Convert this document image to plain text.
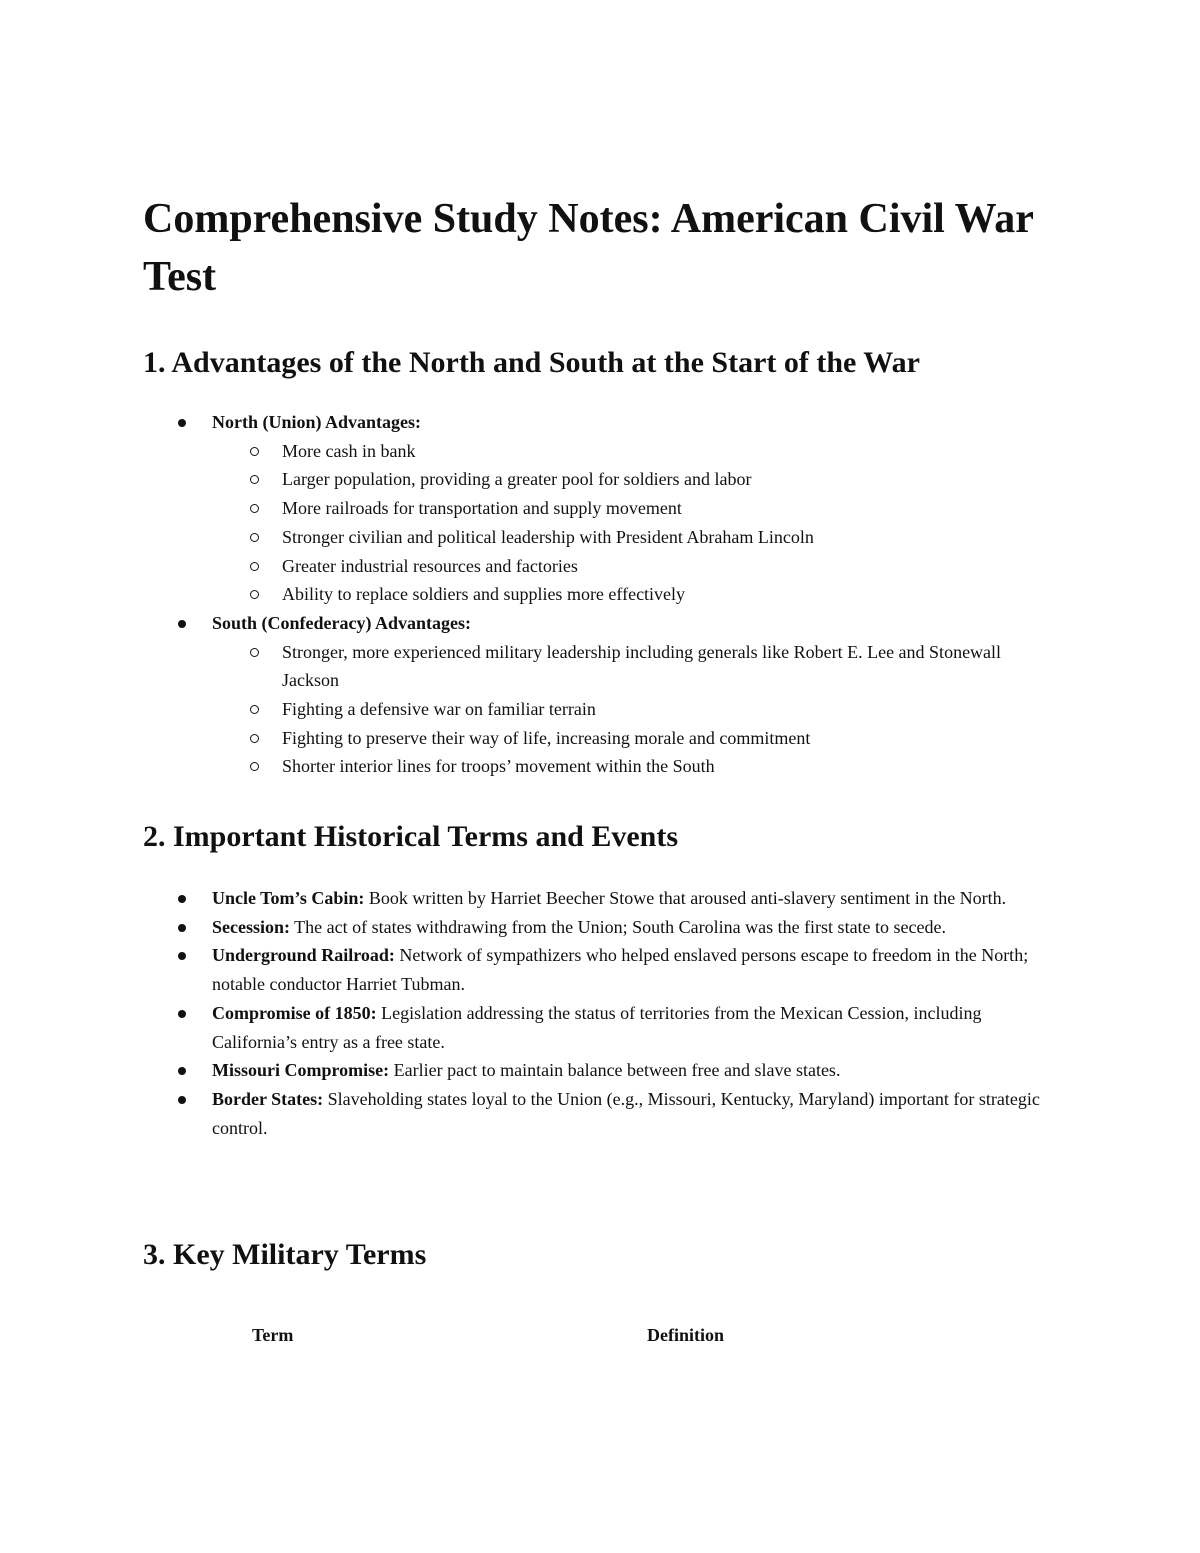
Comprehensive Study Notes: American Civil War Test
1. Advantages of the North and South at the Start of the War
North (Union) Advantages:
More cash in bank
Larger population, providing a greater pool for soldiers and labor
More railroads for transportation and supply movement
Stronger civilian and political leadership with President Abraham Lincoln
Greater industrial resources and factories
Ability to replace soldiers and supplies more effectively
South (Confederacy) Advantages:
Stronger, more experienced military leadership including generals like Robert E. Lee and Stonewall Jackson
Fighting a defensive war on familiar terrain
Fighting to preserve their way of life, increasing morale and commitment
Shorter interior lines for troops’ movement within the South
2. Important Historical Terms and Events
Uncle Tom’s Cabin: Book written by Harriet Beecher Stowe that aroused anti-slavery sentiment in the North.
Secession: The act of states withdrawing from the Union; South Carolina was the first state to secede.
Underground Railroad: Network of sympathizers who helped enslaved persons escape to freedom in the North; notable conductor Harriet Tubman.
Compromise of 1850: Legislation addressing the status of territories from the Mexican Cession, including California’s entry as a free state.
Missouri Compromise: Earlier pact to maintain balance between free and slave states.
Border States: Slaveholding states loyal to the Union (e.g., Missouri, Kentucky, Maryland) important for strategic control.
3. Key Military Terms
Term	Definition
